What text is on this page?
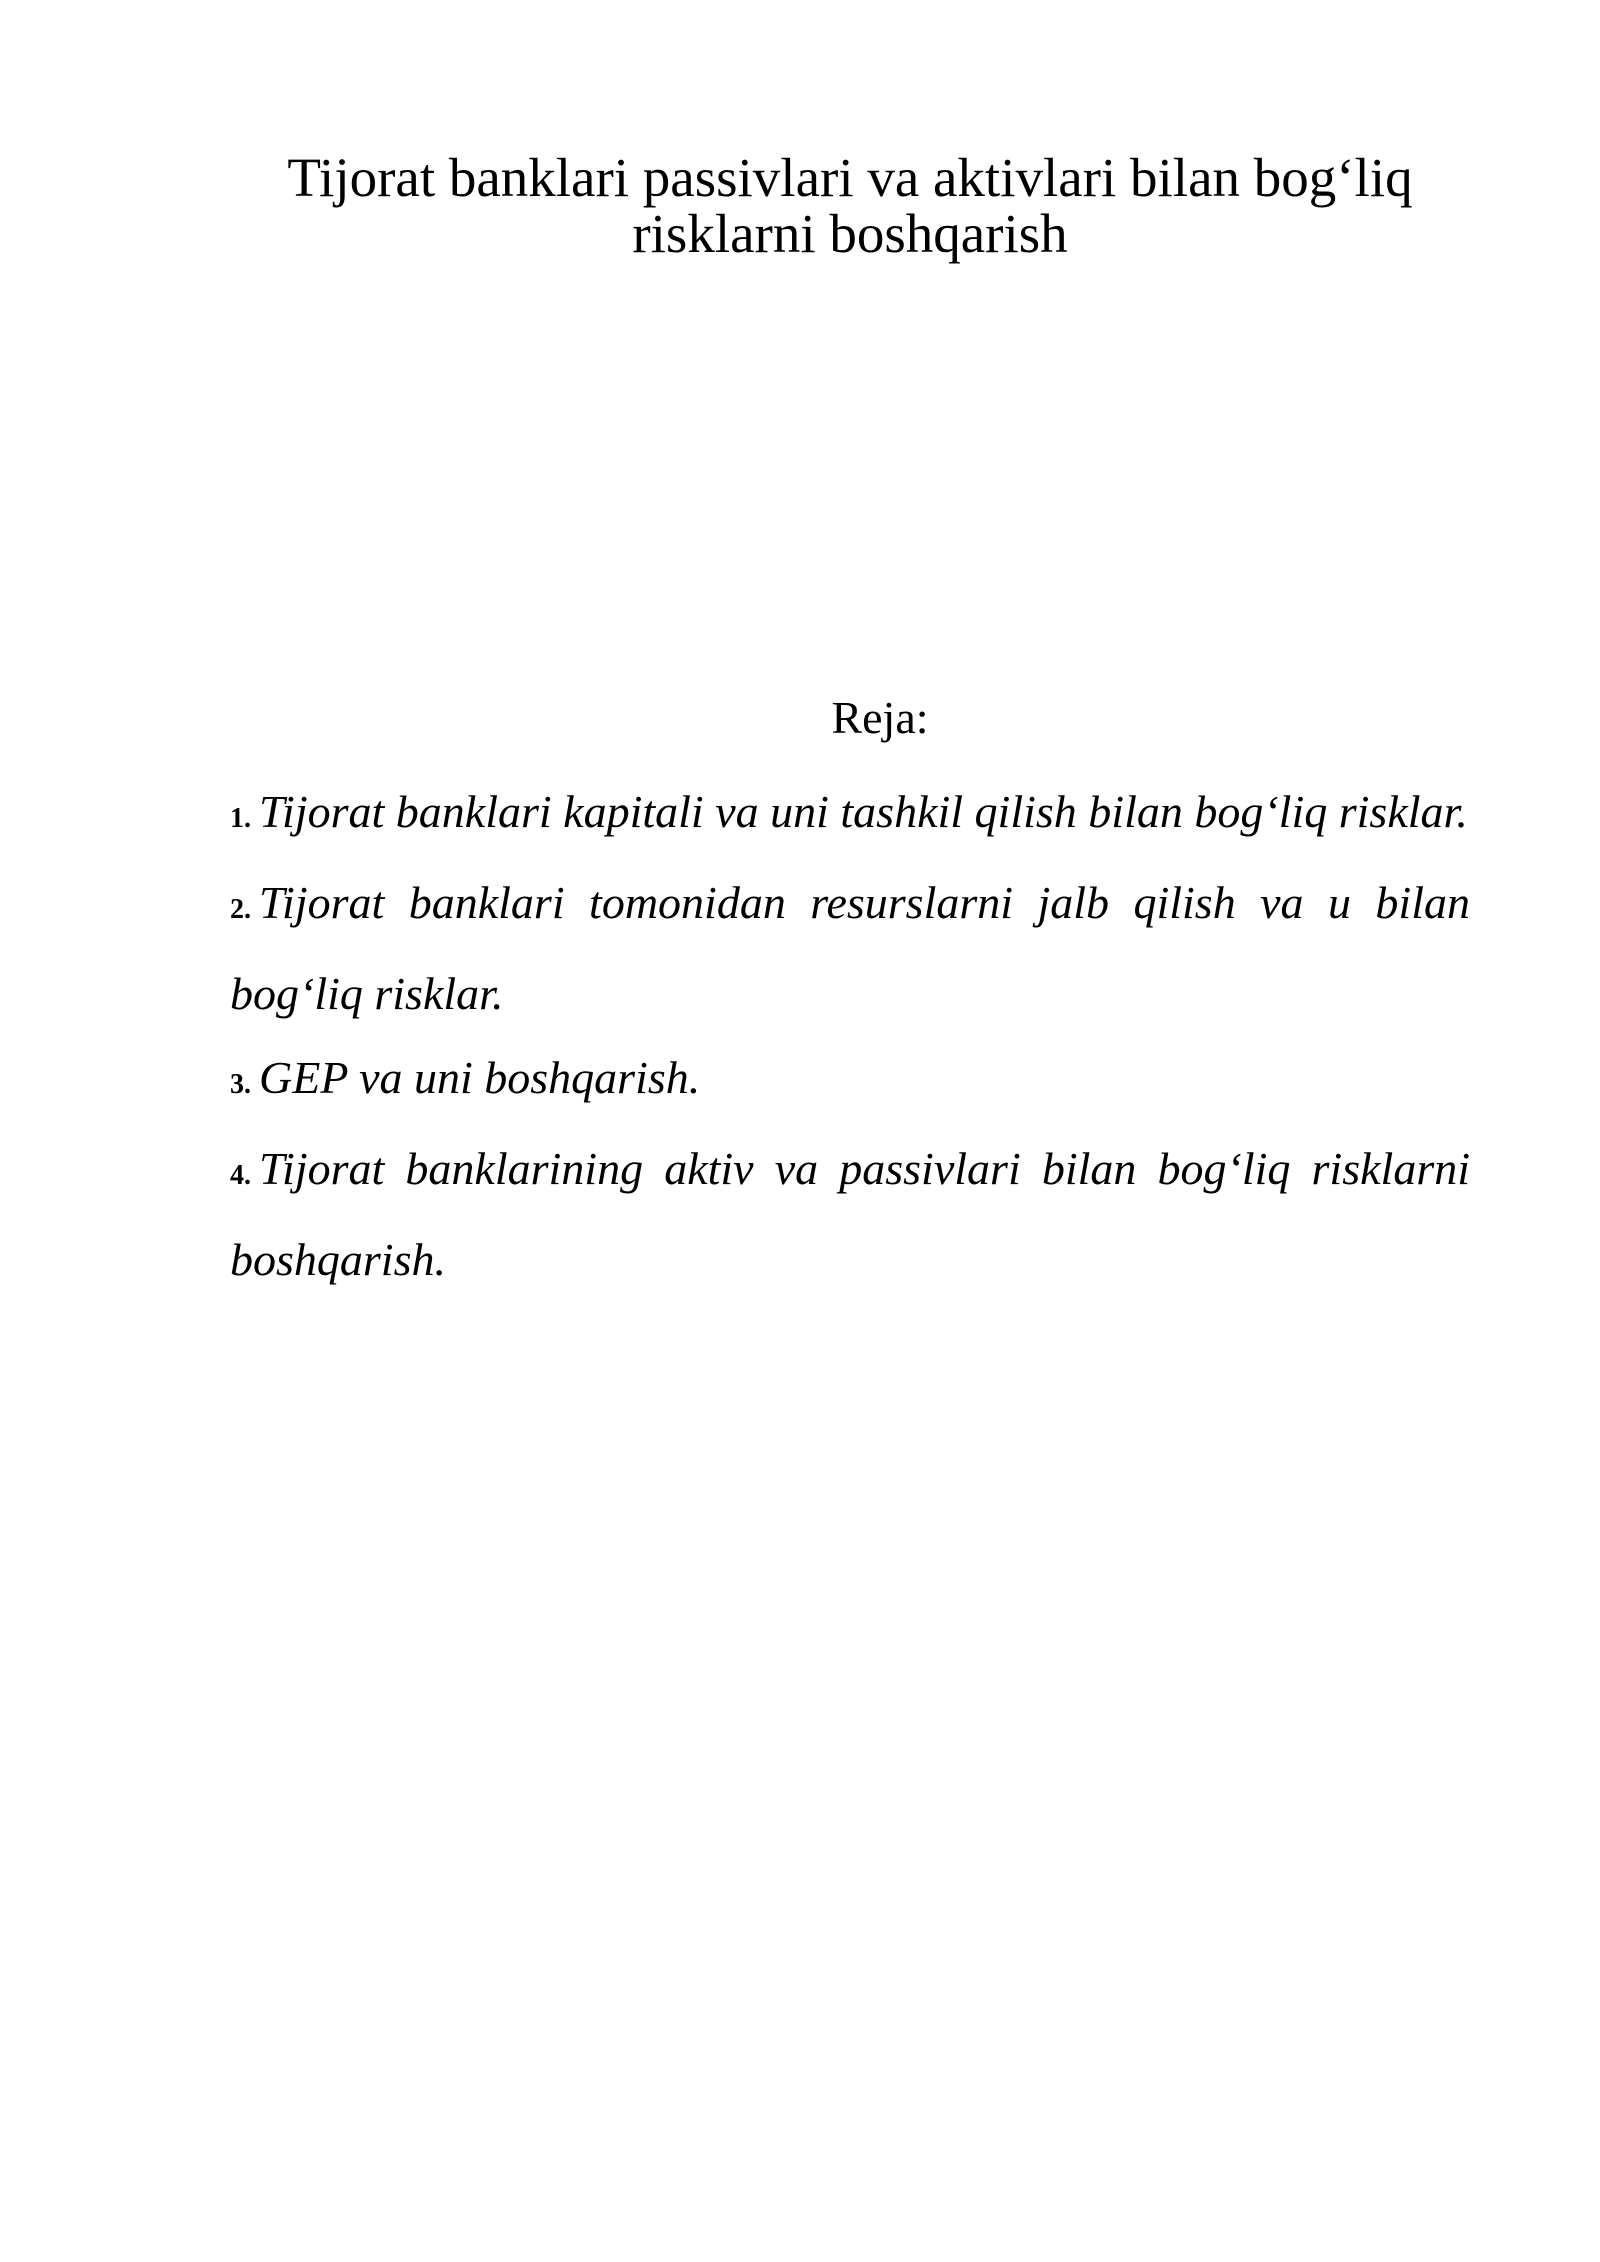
Tijorat banklari passivlari va aktivlari bilan bog‘liq risklarni boshqarish
Reja:
1. Tijorat banklari kapitali va uni tashkil qilish bilan bog‘liq risklar.
2. Tijorat banklari tomonidan resurslarni jalb qilish va u bilan bog‘liq risklar.
3. GEP va uni boshqarish.
4. Tijorat banklarining aktiv va passivlari bilan bog‘liq risklarni boshqarish.
